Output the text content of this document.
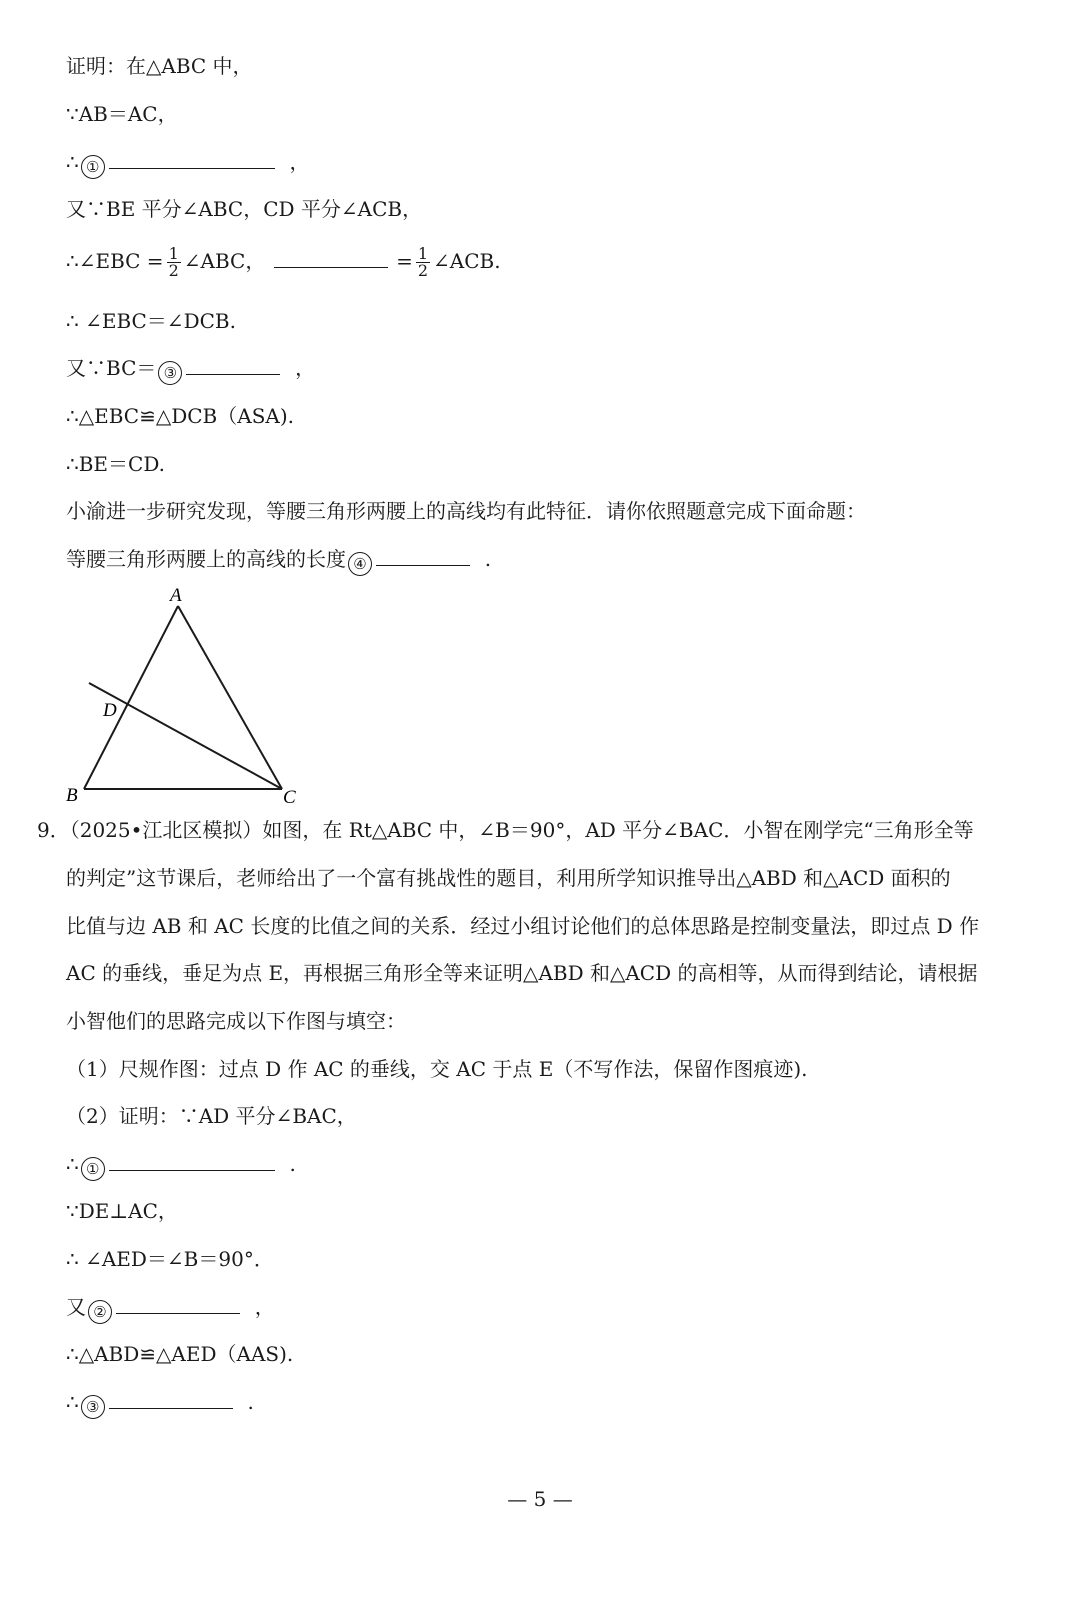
证明：在△ABC 中，
∵AB＝AC，
∴ ①	，
又∵BE 平分∠ABC，CD 平分∠ACB，
∴∠EBC = $\frac{1}{2}$ ∠ABC，	= $\frac{1}{2}$ ∠ACB.
∴ ∠EBC＝∠DCB.
又∵BC＝ ③	，
∴△EBC≌△DCB（ASA).
∴BE＝CD.
小渝进一步研究发现，等腰三角形两腰上的高线均有此特征．请你依照题意完成下面命题：
等腰三角形两腰上的高线的长度 ④	.
A
B	C
D
9．（2025•江北区模拟）如图，在 Rt△ABC 中，∠B＝90°，AD 平分∠BAC．小智在刚学完“三角形全等
的判定”这节课后，老师给出了一个富有挑战性的题目，利用所学知识推导出△ABD 和△ACD 面积的
比值与边 AB 和 AC 长度的比值之间的关系．经过小组讨论他们的总体思路是控制变量法，即过点 D 作
AC 的垂线，垂足为点 E，再根据三角形全等来证明△ABD 和△ACD 的高相等，从而得到结论，请根据
小智他们的思路完成以下作图与填空：
（1）尺规作图：过点 D 作 AC 的垂线，交 AC 于点 E（不写作法，保留作图痕迹).
（2）证明：∵AD 平分∠BAC，
∴ ①	.
∵DE⊥AC，
∴ ∠AED＝∠B＝90°．
又 ②	，
∴△ABD≌△AED（AAS).
∴ ③	.
— 5 —
